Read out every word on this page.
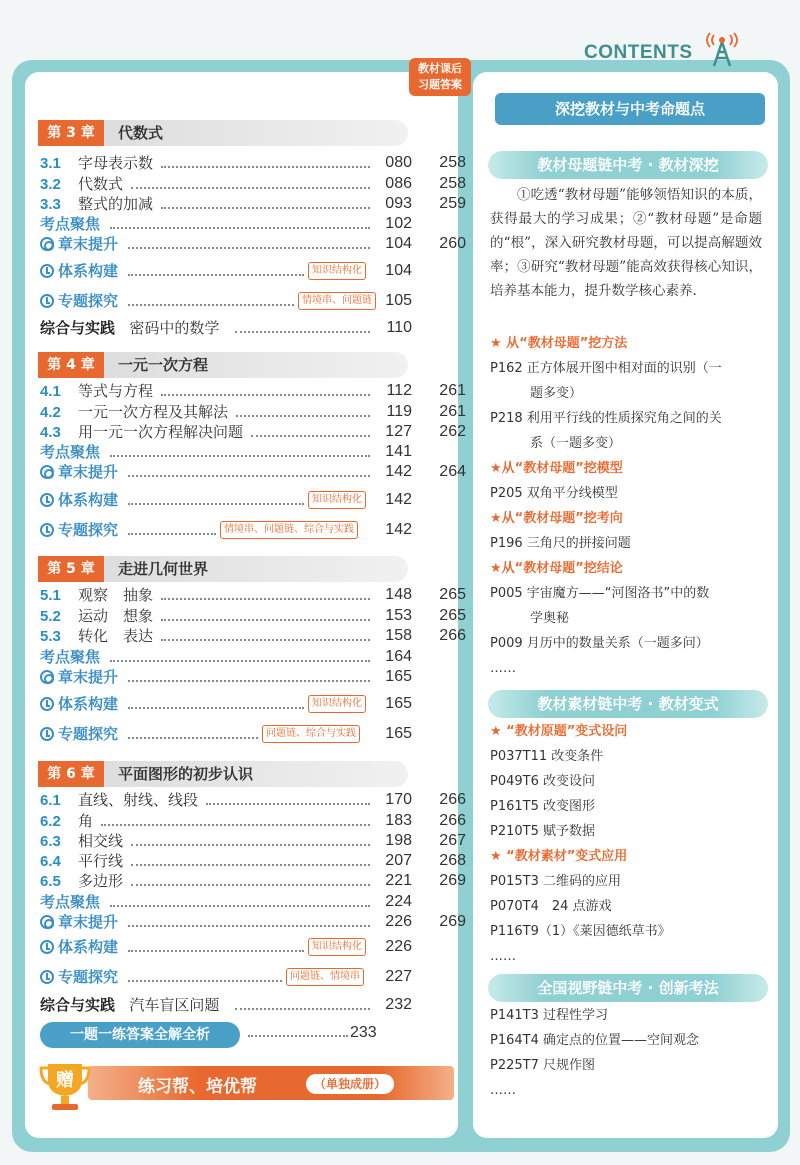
CONTENTS
教材课后
习题答案
一题一练答案全解全析	233
赠	练习帮、培优帮	（单独成册）
深挖教材与中考命题点
教材母题链中考 · 教材深挖
①吃透“教材母题”能够领悟知识的本质，获得最大的学习成果；②“教材母题”是命题的“根”，深入研究教材母题，可以提高解题效率；③研究“教材母题”能高效获得核心知识，培养基本能力，提升数学核心素养.
教材素材链中考 · 教材变式
全国视野链中考 · 创新考法
第 3 章	代数式
第 4 章	一元一次方程
第 5 章	走进几何世界
第 6 章	平面图形的初步认识
3.1 字母表示数	080	258
3.2 代数式	086	258
3.3 整式的加减	093	259
考点聚焦	102
章末提升	104	260
体系构建	知识结构化	104
专题探究	情境串、问题链 105
综合与实践 密码中的数学	110
4.1 等式与方程	112	261
4.2 一元一次方程及其解法	119	261
4.3 用一元一次方程解决问题	127	262
考点聚焦	141
章末提升	142	264
体系构建	知识结构化	142
专题探究	情境串、问题链、综合与实践	142
5.1 观察　抽象	148	265
5.2 运动　想象	153	265
5.3 转化　表达	158	266
考点聚焦	164
章末提升	165
体系构建	知识结构化	165
专题探究	问题链、综合与实践	165
6.1 直线、射线、线段	170	266
6.2 角	183	266
6.3 相交线	198	267
6.4 平行线	207	268
6.5 多边形	221	269
考点聚焦	224
章末提升	226	269
体系构建	知识结构化	226
专题探究	问题链、情境串	227
综合与实践 汽车盲区问题	232
★ 从“教材母题”挖方法
P162 正方体展开图中相对面的识别（一
题多变）
P218 利用平行线的性质探究角之间的关
系（一题多变）
★从“教材母题”挖模型
P205 双角平分线模型
★从“教材母题”挖考向
P196 三角尺的拼接问题
★从“教材母题”挖结论
P005 宇宙魔方——“河图洛书”中的数
学奥秘
P009 月历中的数量关系（一题多问）
……
★ “教材原题”变式设问
P037T11 改变条件
P049T6 改变设问
P161T5 改变图形
P210T5 赋予数据
★ “教材素材”变式应用
P015T3 二维码的应用
P070T4　24 点游戏
P116T9（1）《莱因德纸草书》
……
P141T3 过程性学习
P164T4 确定点的位置——空间观念
P225T7 尺规作图
……
